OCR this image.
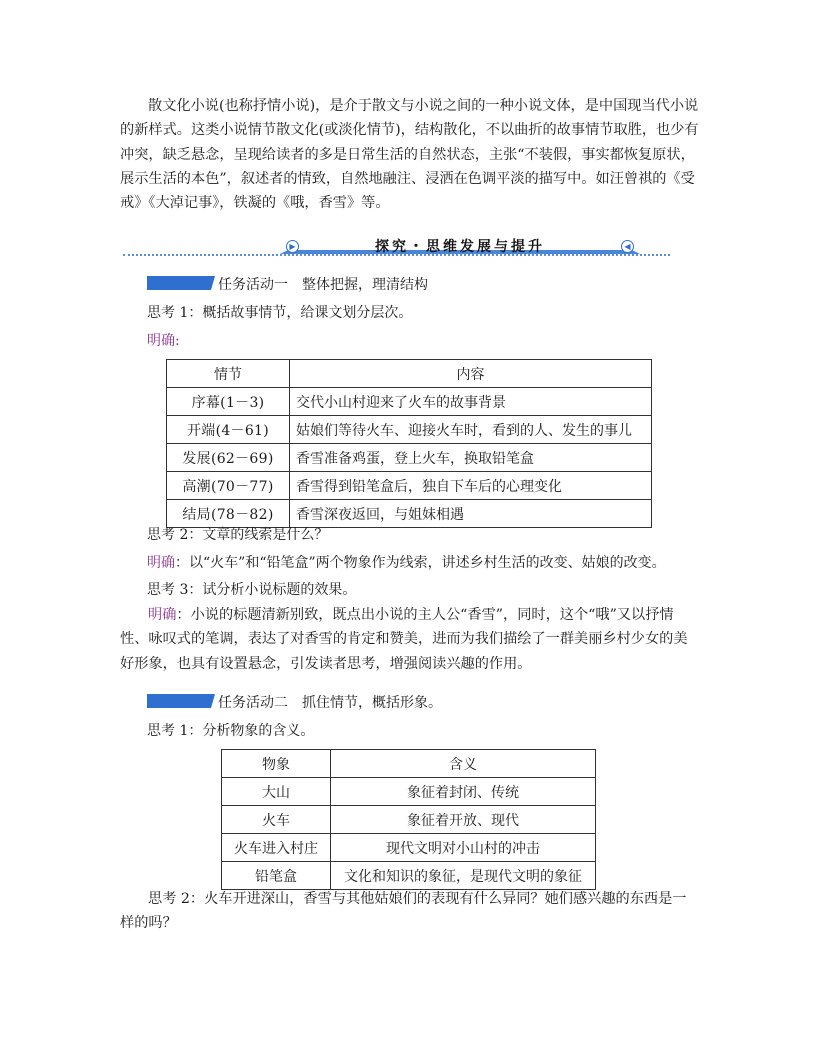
散文化小说(也称抒情小说)，是介于散文与小说之间的一种小说文体，是中国现当代小说的新样式。这类小说情节散文化(或淡化情节)，结构散化，不以曲折的故事情节取胜，也少有冲突，缺乏悬念，呈现给读者的多是日常生活的自然状态，主张“不装假，事实都恢复原状，展示生活的本色”，叙述者的情致，自然地融注、浸洒在色调平淡的描写中。如汪曾祺的《受戒》《大淖记事》，铁凝的《哦，香雪》等。

▶	◀
探究・思维发展与提升
任务活动一　整体把握，理清结构
思考 1：概括故事情节，给课文划分层次。
明确:
情节	内容
序幕(1－3)	交代小山村迎来了火车的故事背景
开端(4－61)	姑娘们等待火车、迎接火车时，看到的人、发生的事儿
发展(62－69)	香雪准备鸡蛋，登上火车，换取铅笔盒
高潮(70－77)	香雪得到铅笔盒后，独自下车后的心理变化
结局(78－82)	香雪深夜返回，与姐妹相遇
思考 2：文章的线索是什么？
明确：以“火车”和“铅笔盒”两个物象作为线索，讲述乡村生活的改变、姑娘的改变。
思考 3：试分析小说标题的效果。

明确：小说的标题清新别致，既点出小说的主人公“香雪”，同时，这个“哦”又以抒情性、咏叹式的笔调，表达了对香雪的肯定和赞美，进而为我们描绘了一群美丽乡村少女的美好形象，也具有设置悬念，引发读者思考，增强阅读兴趣的作用。

任务活动二　抓住情节，概括形象。
思考 1：分析物象的含义。
物象	含义
大山	象征着封闭、传统
火车	象征着开放、现代
火车进入村庄	现代文明对小山村的冲击
铅笔盒	文化和知识的象征，是现代文明的象征

思考 2：火车开进深山，香雪与其他姑娘们的表现有什么异同？她们感兴趣的东西是一样的吗？
